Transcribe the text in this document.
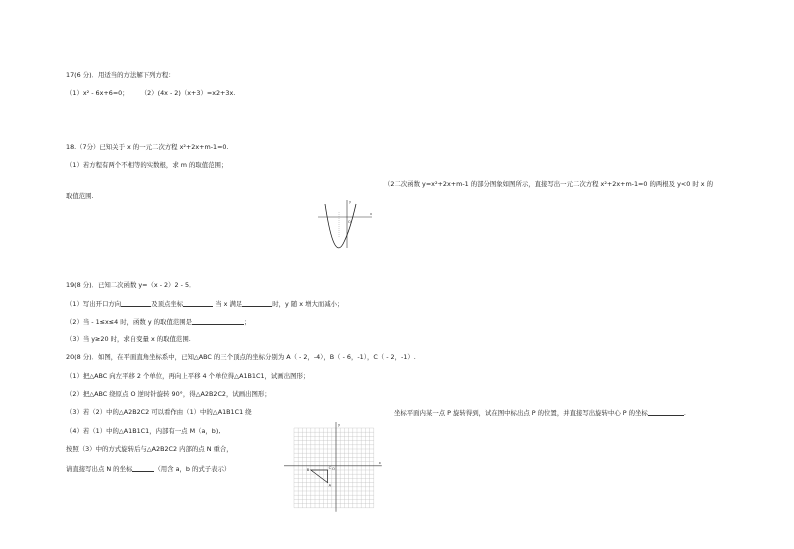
17(6 分)．用适当的方法解下列方程：
（1）x² - 6x+6=0； （2）(4x - 2)（x+3）=x2+3x.
18.（7分）已知关于 x 的一元二次方程 x²+2x+m-1=0.
（1）若方程有两个不相等的实数根，求 m 的取值范围；
（2二次函数 y=x²+2x+m-1 的部分图象如图所示，直接写出一元二次方程 x²+2x+m-1=0 的两根及 y<0 时 x 的
取值范围.
O
x
y
19(8 分)．已知二次函数 y=（x - 2）2 - 5．
（1）写出开口方向	及顶点坐标	当 x 满足	时，y 随 x 增大而减小；
（2）当 - 1≤x≤4 时，函数 y 的取值范围是	；
（3）当 y≥20 时，求自变量 x 的取值范围.
20(8 分)．如图，在平面直角坐标系中，已知△ABC 的三个顶点的坐标分别为 A（ - 2，-4），B（ - 6，-1），C（ - 2，-1）.
（1）把△ABC 向左平移 2 个单位，再向上平移 4 个单位得△A1B1C1，试画出图形；
（2）把△ABC 绕原点 O 逆时针旋转 90°，得△A2B2C2，试画出图形；
（3）若（2）中的△A2B2C2 可以看作由（1）中的△A1B1C1 绕	坐标平面内某一点 P 旋转得到，试在图中标出点 P 的位置，并直接写出旋转中心 P 的坐标	.
（4）若（1）中的△A1B1C1，内部有一点 M（a，b),
按照（3）中的方式旋转后与△A2B2C2 内部的点 N 重合，
请直接写出点 N 的坐标	（用含 a，b 的式子表示）	O
x
y
A
B	C
